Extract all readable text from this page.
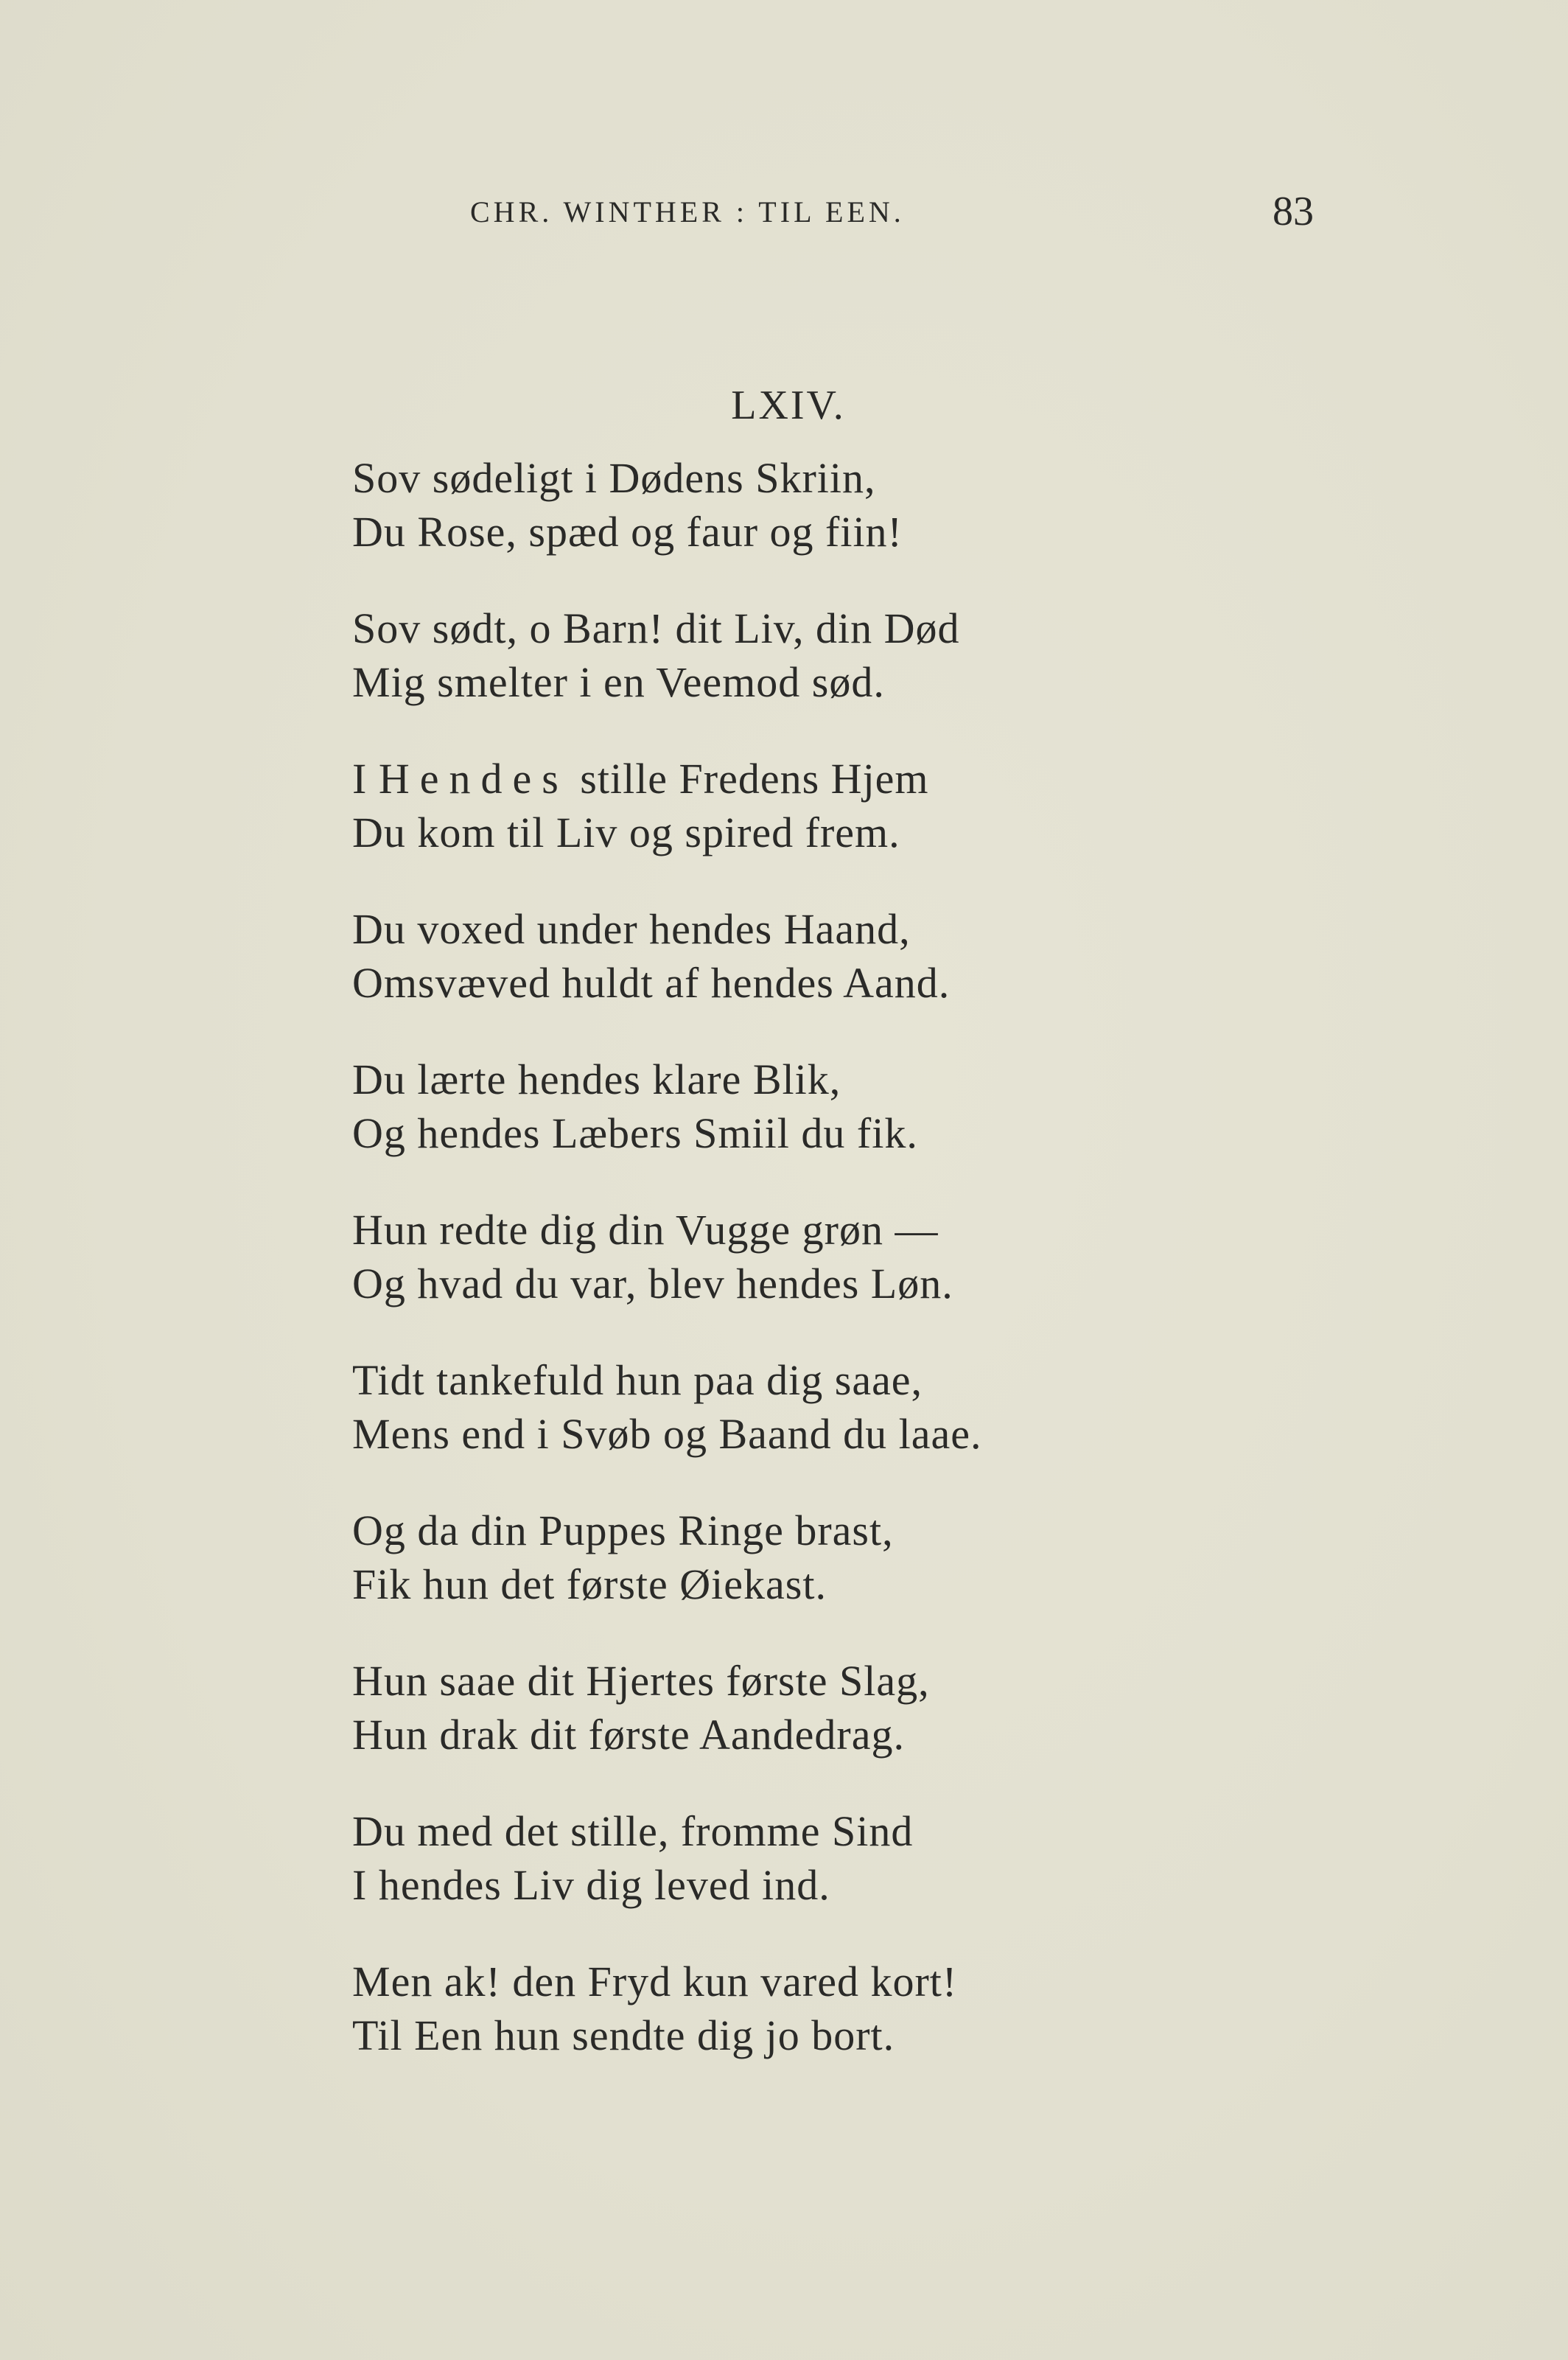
CHR. WINTHER : TIL EEN.	83
LXIV.
Sov sødeligt i Dødens Skriin,
Du Rose, spæd og faur og fiin!
Sov sødt, o Barn! dit Liv, din Død
Mig smelter i en Veemod sød.
I Hendes stille Fredens Hjem
Du kom til Liv og spired frem.
Du voxed under hendes Haand,
Omsvæved huldt af hendes Aand.
Du lærte hendes klare Blik,
Og hendes Læbers Smiil du fik.
Hun redte dig din Vugge grøn —
Og hvad du var, blev hendes Løn.
Tidt tankefuld hun paa dig saae,
Mens end i Svøb og Baand du laae.
Og da din Puppes Ringe brast,
Fik hun det første Øiekast.
Hun saae dit Hjertes første Slag,
Hun drak dit første Aandedrag.
Du med det stille, fromme Sind
I hendes Liv dig leved ind.
Men ak! den Fryd kun vared kort!
Til Een hun sendte dig jo bort.
